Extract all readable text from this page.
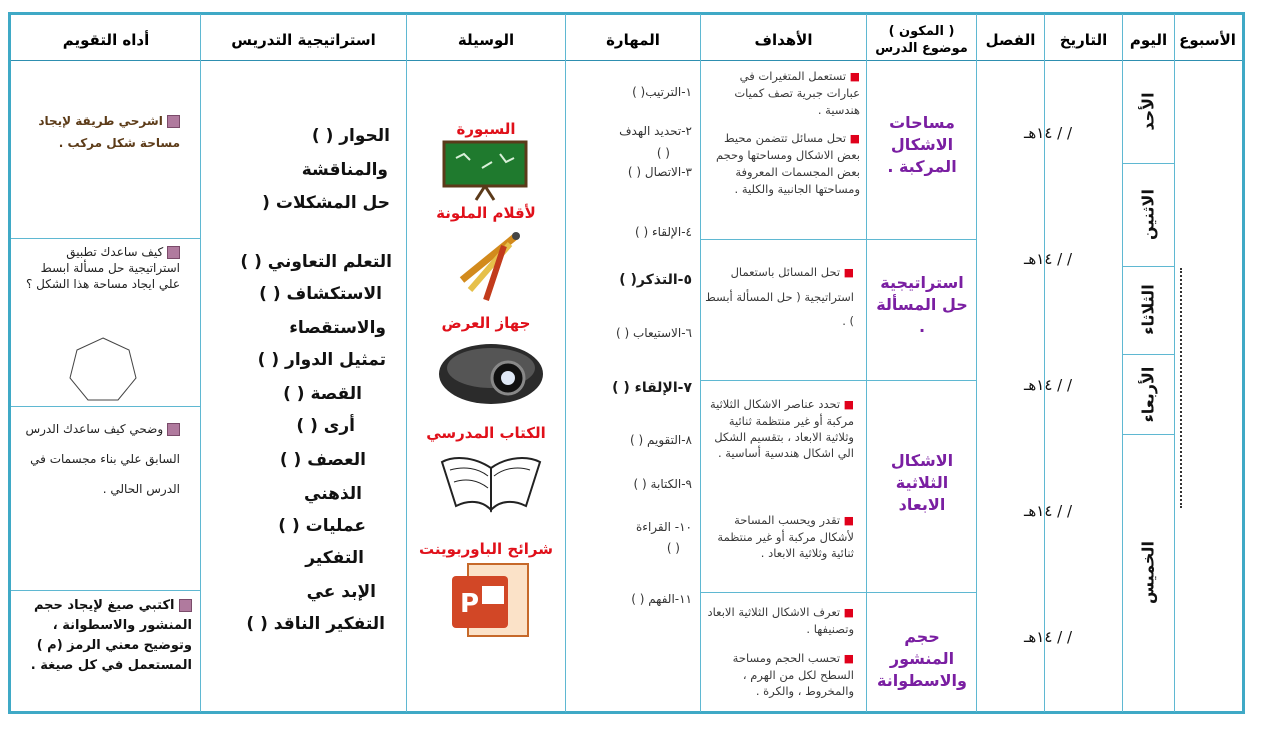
الأسبوع
اليوم
التاريخ
الفصل
( المكون ) موضوع الدرس
الأهداف
المهارة
الوسيلة
استراتيجية التدريس
أداه التقويم
الأحد
الاثنين
الثلاثاء
الأربعاء
الخميس
/ / ١٤هـ
/ / ١٤هـ
/ / ١٤هـ
/ / ١٤هـ
/ / ١٤هـ
مساحات الاشكال المركبة .
استراتيجية حل المسألة .
الاشكال الثلاثية الابعاد
حجم المنشور والاسطوانة
■ تستعمل المتغيرات في عبارات جبرية تصف كميات هندسية .
■ تحل مسائل تتضمن محيط بعض الاشكال ومساحتها وحجم بعض المجسمات المعروفة ومساحتها الجانبية والكلية .
■ تحل المسائل باستعمال استراتيجية ( حل المسألة أبسط ) .
■ تحدد عناصر الاشكال الثلاثية مركبة أو غير منتظمة ثنائية وثلاثية الابعاد ، بتقسيم الشكل الي اشكال هندسية أساسية .
■ تقدر ويحسب المساحة لأشكال مركبة أو غير منتظمة ثنائية وثلاثية الابعاد .
■ تعرف الاشكال الثلاثية الابعاد وتصنيفها .
■ تحسب الحجم ومساحة السطح لكل من الهرم ، والمخروط ، والكرة .
١-الترتيب( )
٢-تحديد الهدف
( )
٣-الاتصال ( )
٤-الإلقاء ( )
٥-التذكر( )
٦-الاستيعاب ( )
٧-الإلقاء ( )
٨-التقويم ( )
٩-الكتابة ( )
١٠- القراءة
( )
١١-الفهم ( )
السبورة
لأقلام الملونة
جهاز العرض
الكتاب المدرسي
شرائح الباوربوينت
P
الحوار ( )
والمناقشة
حل المشكلات (
التعلم التعاوني ( )
الاستكشاف ( )
والاستقصاء
تمثيل الدوار ( )
القصة ( )
أرى ( )
العصف ( )
الذهني
عمليات ( )
التفكير
الإبد عي
التفكير الناقد ( )
اشرحي طريقة لإيجاد مساحة شكل مركب .
كيف ساعدك تطبيق استراتيجية حل مسألة ابسط علي ايجاد مساحة هذا الشكل ؟
وضحي كيف ساعدك الدرس السابق علي بناء مجسمات في الدرس الحالي .
اكتبي صيغ لإيجاد حجم المنشور والاسطوانة ، وتوضيح معني الرمز (م ) المستعمل في كل صيغة .
